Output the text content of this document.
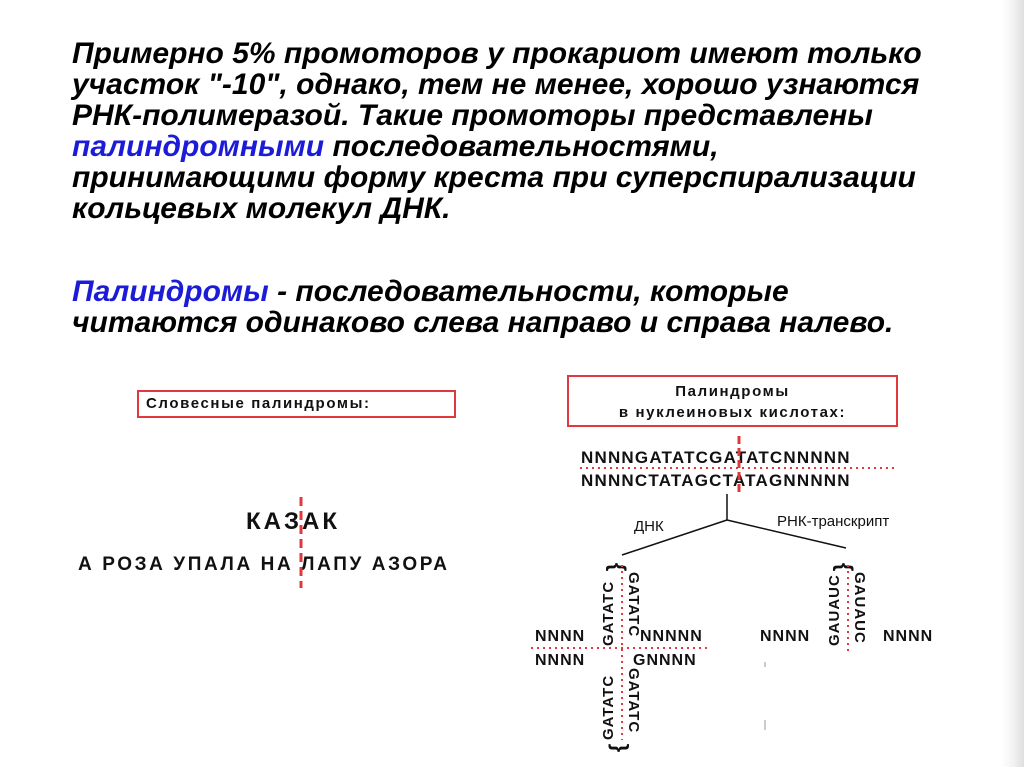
Примерно 5% промоторов у прокариот имеют только участок "-10", однако, тем не менее, хорошо узнаются РНК-полимеразой. Такие промоторы представлены палиндромными последовательностями, принимающими форму креста при суперспирализации кольцевых молекул ДНК.

Палиндромы - последовательности, которые читаются одинаково слева направо и справа налево.

Словесные палиндромы:
КАЗАК
А РОЗА УПАЛА НА ЛАПУ АЗОРА
Палиндромы
в нуклеиновых кислотах:
NNNNGATATCGATATCNNNNN
NNNNCTATAGCTATAGNNNNN
ДНК	РНК-транскрипт
NNNN	NNNNN
NNNN	GNNNN
GATATC GATATC
GATATC GATATC
{
{
NNNN	NNNN
GAUAUC GAUAUC
{
